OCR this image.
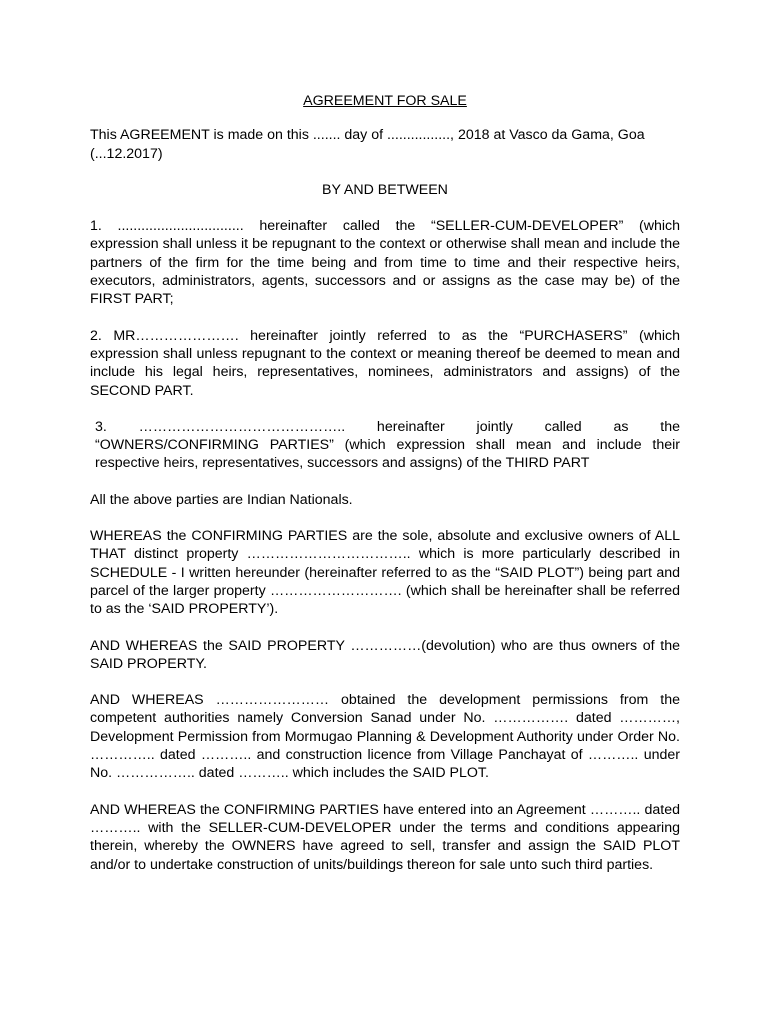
AGREEMENT FOR SALE
This AGREEMENT is made on this ....... day of ................, 2018 at Vasco da Gama, Goa (...12.2017)
BY AND BETWEEN
1. ................................ hereinafter called the “SELLER-CUM-DEVELOPER” (which expression shall unless it be repugnant to the context or otherwise shall mean and include the partners of the firm for the time being and from time to time and their respective heirs, executors, administrators, agents, successors and or assigns as the case may be) of the FIRST PART;
2. MR…………………. hereinafter jointly referred to as the “PURCHASERS” (which expression shall unless repugnant to the context or meaning thereof be deemed to mean and include his legal heirs, representatives, nominees, administrators and assigns) of the SECOND PART.
3. …………………………………….. hereinafter jointly called as the “OWNERS/CONFIRMING PARTIES” (which expression shall mean and include their respective heirs, representatives, successors and assigns) of the THIRD PART
All the above parties are Indian Nationals.
WHEREAS the CONFIRMING PARTIES are the sole, absolute and exclusive owners of ALL THAT distinct property …………………………….. which is more particularly described in SCHEDULE - I written hereunder (hereinafter referred to as the “SAID PLOT”) being part and parcel of the larger property ………………………. (which shall be hereinafter shall be referred to as the ‘SAID PROPERTY’).
AND WHEREAS the SAID PROPERTY ……………(devolution) who are thus owners of the SAID PROPERTY.
AND WHEREAS …………………… obtained the development permissions from the competent authorities namely Conversion Sanad under No. ……………. dated …………, Development Permission from Mormugao Planning & Development Authority under Order No. ………….. dated ……….. and construction licence from Village Panchayat of ……….. under No. …………….. dated ……….. which includes the SAID PLOT.
AND WHEREAS the CONFIRMING PARTIES have entered into an Agreement ……….. dated ……….. with the SELLER-CUM-DEVELOPER under the terms and conditions appearing therein, whereby the OWNERS have agreed to sell, transfer and assign the SAID PLOT and/or to undertake construction of units/buildings thereon for sale unto such third parties.
